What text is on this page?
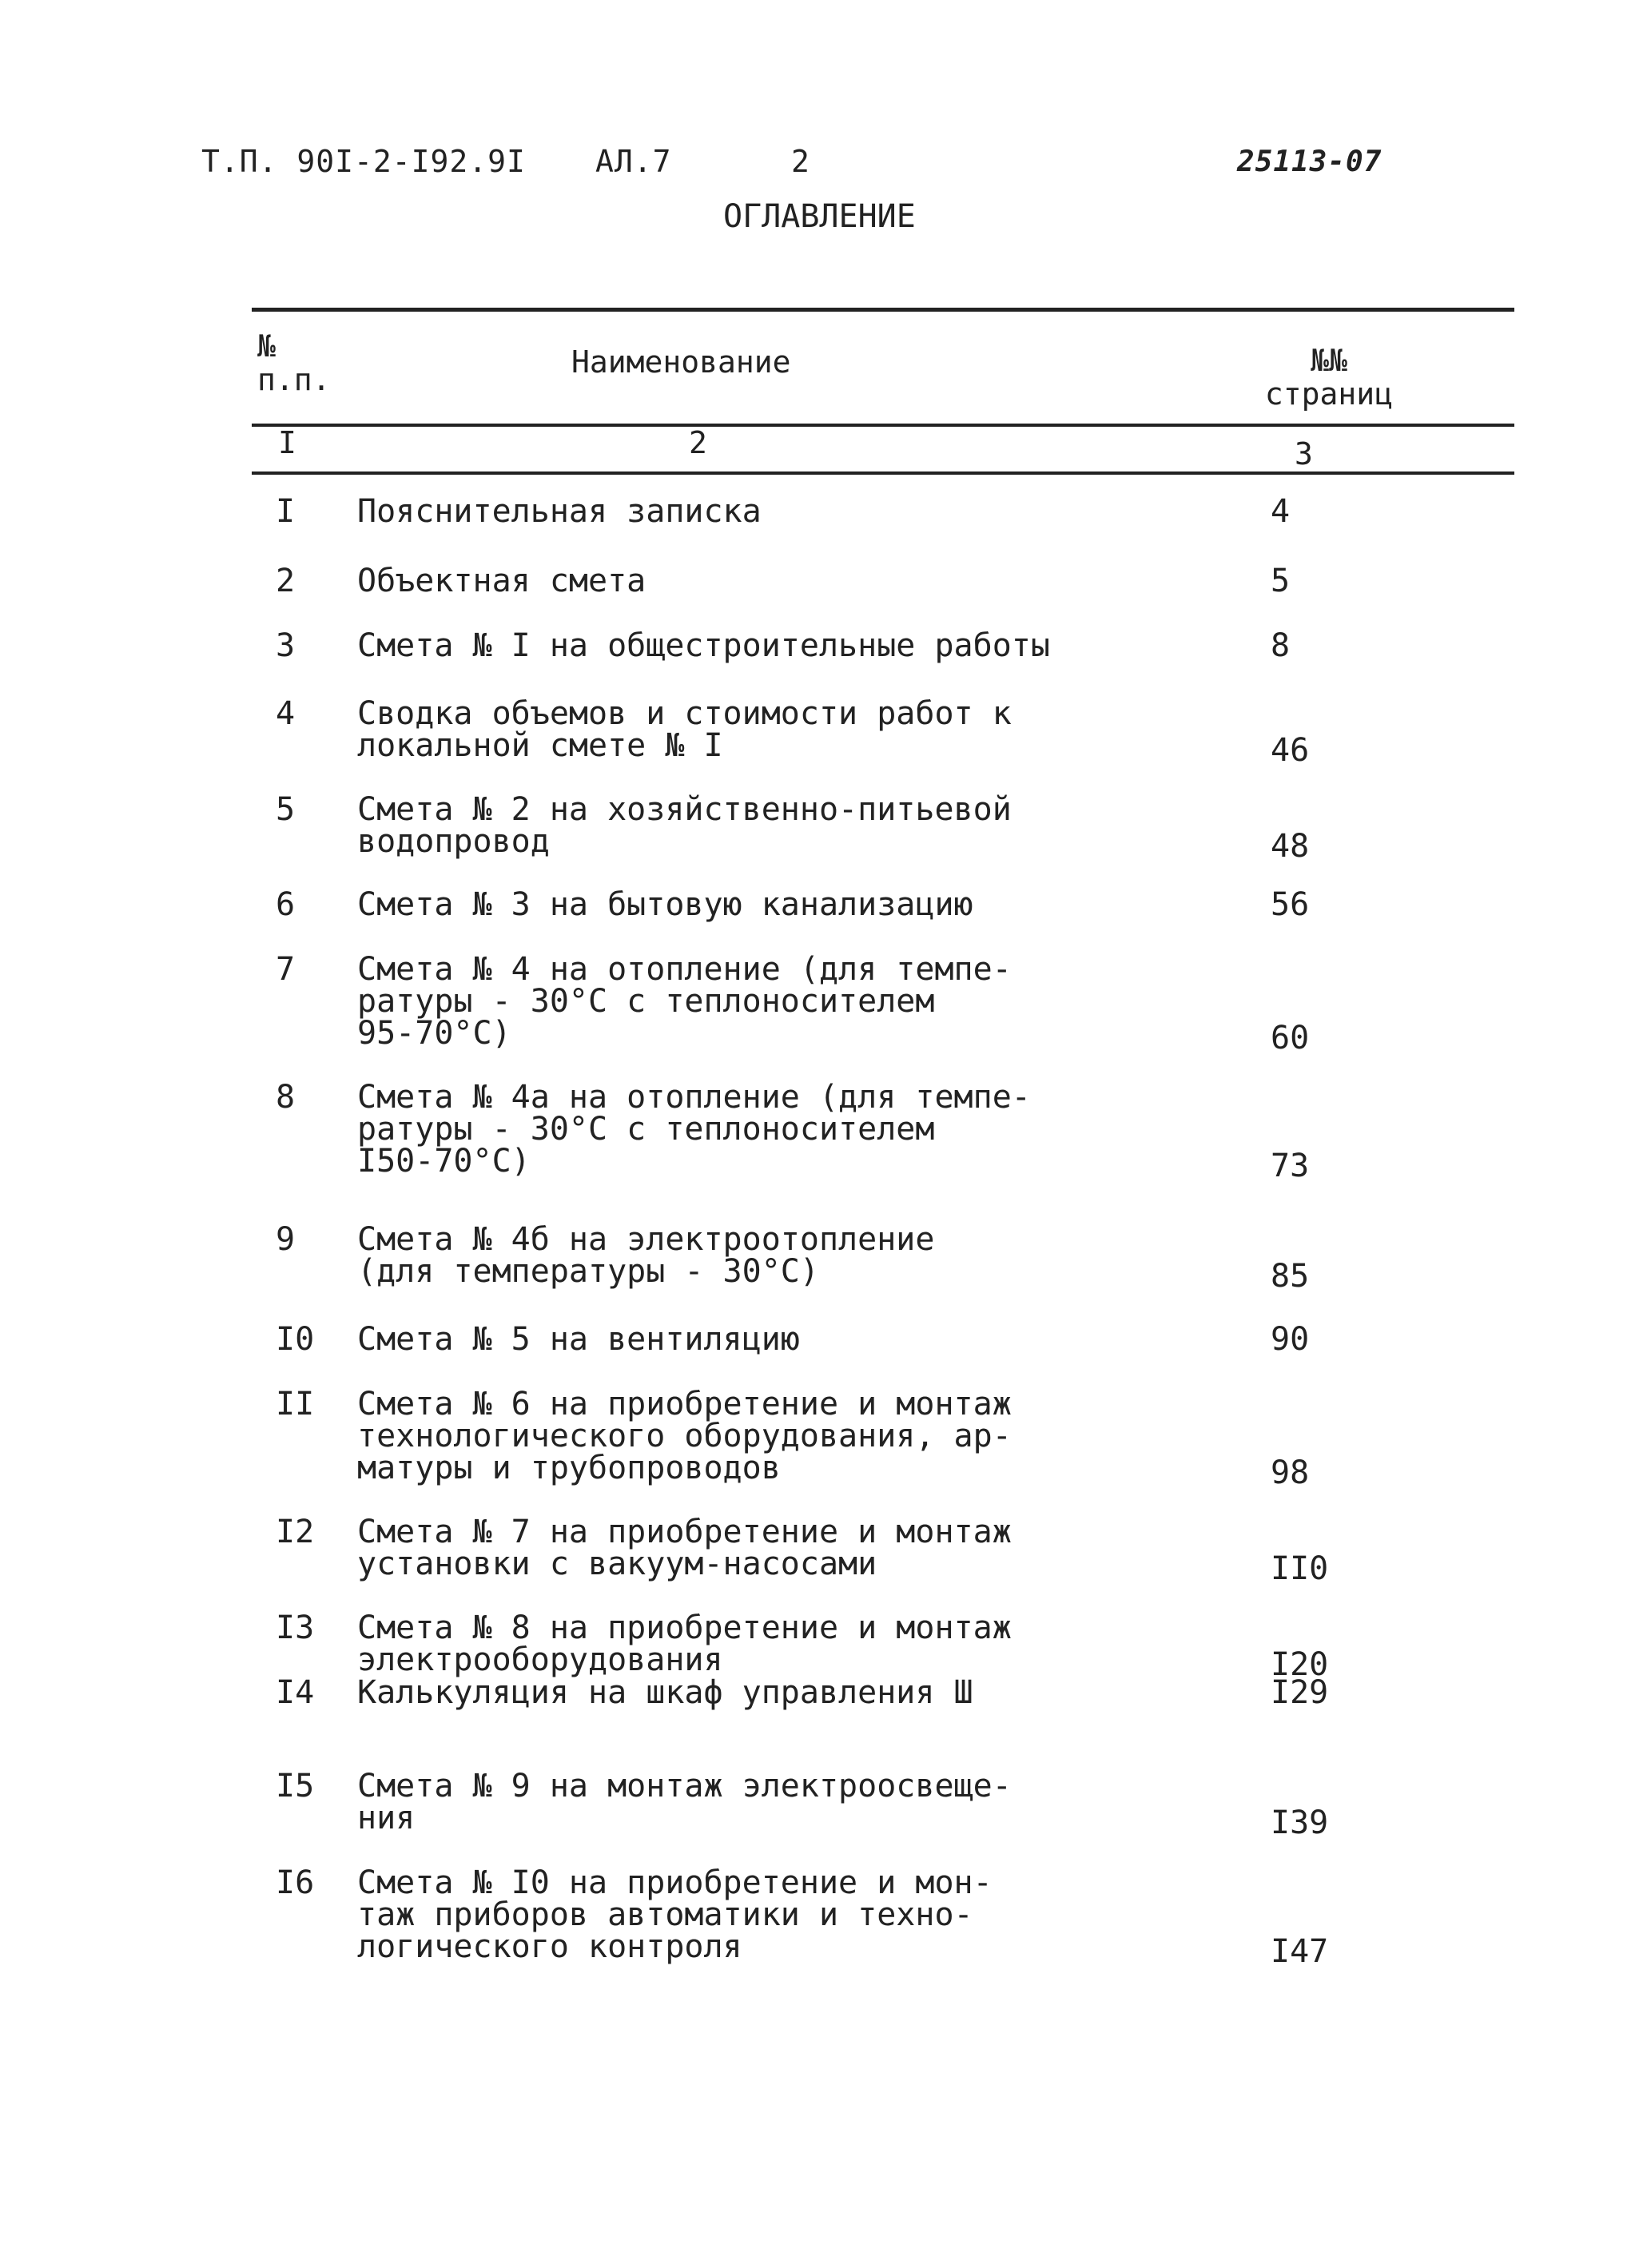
Т.П. 90I-2-I92.9I АЛ.7	2	25113-07
ОГЛАВЛЕНИЕ
№ п.п.	Наименование	№№ страниц
I	2	3
I Пояснительная записка	4
2 Объектная смета	5
3 Смета № I на общестроительные работы	8
4 Сводка объемов и стоимости работ к
локальной смете № I	46
5 Смета № 2 на хозяйственно-питьевой
водопровод	48
6 Смета № 3 на бытовую канализацию	56
7 Смета № 4 на отопление (для темпе-
ратуры - 30°С с теплоносителем
95-70°С)	60
8 Смета № 4а на отопление (для темпе-
ратуры - 30°С с теплоносителем
I50-70°С)	73
9 Смета № 4б на электроотопление
(для температуры - 30°С)	85
I0 Смета № 5 на вентиляцию	90
II Смета № 6 на приобретение и монтаж
технологического оборудования, ар-
матуры и трубопроводов	98
I2 Смета № 7 на приобретение и монтаж
установки с вакуум-насосами	II0
I3 Смета № 8 на приобретение и монтаж
электрооборудования	I20
I4 Калькуляция на шкаф управления Ш	I29
I5 Смета № 9 на монтаж электроосвеще-
ния	I39
I6 Смета № I0 на приобретение и мон-
таж приборов автоматики и техно-
логического контроля	I47
